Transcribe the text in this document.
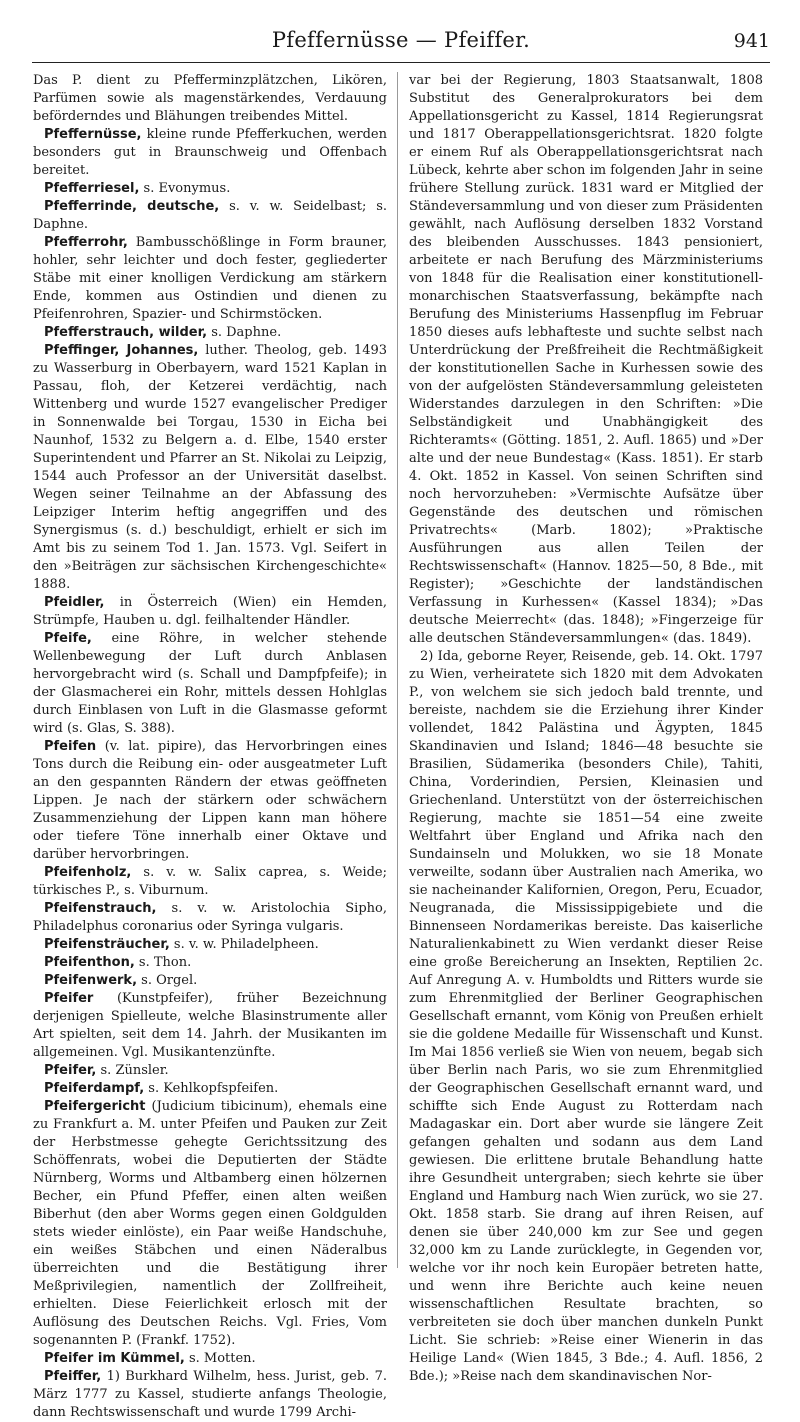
Pfeffernüsse — Pfeiffer.	941

Das P. dient zu Pfefferminzplätzchen, Likören, Parfümen sowie als magenstärkendes, Verdauung beförderndes und Blähungen treibendes Mittel.

Pfeffernüsse, kleine runde Pfefferkuchen, werden besonders gut in Braunschweig und Offenbach bereitet.

Pfefferriesel, s. Evonymus.

Pfefferrinde, deutsche, s. v. w. Seidelbast; s. Daphne.

Pfefferrohr, Bambusschößlinge in Form brauner, hohler, sehr leichter und doch fester, gegliederter Stäbe mit einer knolligen Verdickung am stärkern Ende, kommen aus Ostindien und dienen zu Pfeifenrohren, Spazier- und Schirmstöcken.

Pfefferstrauch, wilder, s. Daphne.

Pfeffinger, Johannes, luther. Theolog, geb. 1493 zu Wasserburg in Oberbayern, ward 1521 Kaplan in Passau, floh, der Ketzerei verdächtig, nach Wittenberg und wurde 1527 evangelischer Prediger in Sonnenwalde bei Torgau, 1530 in Eicha bei Naunhof, 1532 zu Belgern a. d. Elbe, 1540 erster Superintendent und Pfarrer an St. Nikolai zu Leipzig, 1544 auch Professor an der Universität daselbst. Wegen seiner Teilnahme an der Abfassung des Leipziger Interim heftig angegriffen und des Synergismus (s. d.) beschuldigt, erhielt er sich im Amt bis zu seinem Tod 1. Jan. 1573. Vgl. Seifert in den »Beiträgen zur sächsischen Kirchengeschichte« 1888.

Pfeidler, in Österreich (Wien) ein Hemden, Strümpfe, Hauben u. dgl. feilhaltender Händler.

Pfeife, eine Röhre, in welcher stehende Wellenbewegung der Luft durch Anblasen hervorgebracht wird (s. Schall und Dampfpfeife); in der Glasmacherei ein Rohr, mittels dessen Hohlglas durch Einblasen von Luft in die Glasmasse geformt wird (s. Glas, S. 388).

Pfeifen (v. lat. pipire), das Hervorbringen eines Tons durch die Reibung ein- oder ausgeatmeter Luft an den gespannten Rändern der etwas geöffneten Lippen. Je nach der stärkern oder schwächern Zusammenziehung der Lippen kann man höhere oder tiefere Töne innerhalb einer Oktave und darüber hervorbringen.

Pfeifenholz, s. v. w. Salix caprea, s. Weide; türkisches P., s. Viburnum.

Pfeifenstrauch, s. v. w. Aristolochia Sipho, Philadelphus coronarius oder Syringa vulgaris.

Pfeifensträucher, s. v. w. Philadelpheen.

Pfeifenthon, s. Thon.

Pfeifenwerk, s. Orgel.

Pfeifer (Kunstpfeifer), früher Bezeichnung derjenigen Spielleute, welche Blasinstrumente aller Art spielten, seit dem 14. Jahrh. der Musikanten im allgemeinen. Vgl. Musikantenzünfte.

Pfeifer, s. Zünsler.

Pfeiferdampf, s. Kehlkopfspfeifen.

Pfeifergericht (Judicium tibicinum), ehemals eine zu Frankfurt a. M. unter Pfeifen und Pauken zur Zeit der Herbstmesse gehegte Gerichtssitzung des Schöffenrats, wobei die Deputierten der Städte Nürnberg, Worms und Altbamberg einen hölzernen Becher, ein Pfund Pfeffer, einen alten weißen Biberhut (den aber Worms gegen einen Goldgulden stets wieder einlöste), ein Paar weiße Handschuhe, ein weißes Stäbchen und einen Näderalbus überreichten und die Bestätigung ihrer Meßprivilegien, namentlich der Zollfreiheit, erhielten. Diese Feierlichkeit erlosch mit der Auflösung des Deutschen Reichs. Vgl. Fries, Vom sogenannten P. (Frankf. 1752).

Pfeifer im Kümmel, s. Motten.

Pfeiffer, 1) Burkhard Wilhelm, hess. Jurist, geb. 7. März 1777 zu Kassel, studierte anfangs Theologie, dann Rechtswissenschaft und wurde 1799 Archi-

var bei der Regierung, 1803 Staatsanwalt, 1808 Substitut des Generalprokurators bei dem Appellationsgericht zu Kassel, 1814 Regierungsrat und 1817 Oberappellationsgerichtsrat. 1820 folgte er einem Ruf als Oberappellationsgerichtsrat nach Lübeck, kehrte aber schon im folgenden Jahr in seine frühere Stellung zurück. 1831 ward er Mitglied der Ständeversammlung und von dieser zum Präsidenten gewählt, nach Auflösung derselben 1832 Vorstand des bleibenden Ausschusses. 1843 pensioniert, arbeitete er nach Berufung des Märzministeriums von 1848 für die Realisation einer konstitutionell-monarchischen Staatsverfassung, bekämpfte nach Berufung des Ministeriums Hassenpflug im Februar 1850 dieses aufs lebhafteste und suchte selbst nach Unterdrückung der Preßfreiheit die Rechtmäßigkeit der konstitutionellen Sache in Kurhessen sowie des von der aufgelösten Ständeversammlung geleisteten Widerstandes darzulegen in den Schriften: »Die Selbständigkeit und Unabhängigkeit des Richteramts« (Götting. 1851, 2. Aufl. 1865) und »Der alte und der neue Bundestag« (Kass. 1851). Er starb 4. Okt. 1852 in Kassel. Von seinen Schriften sind noch hervorzuheben: »Vermischte Aufsätze über Gegenstände des deutschen und römischen Privatrechts« (Marb. 1802); »Praktische Ausführungen aus allen Teilen der Rechtswissenschaft« (Hannov. 1825—50, 8 Bde., mit Register); »Geschichte der landständischen Verfassung in Kurhessen« (Kassel 1834); »Das deutsche Meierrecht« (das. 1848); »Fingerzeige für alle deutschen Ständeversammlungen« (das. 1849).

2) Ida, geborne Reyer, Reisende, geb. 14. Okt. 1797 zu Wien, verheiratete sich 1820 mit dem Advokaten P., von welchem sie sich jedoch bald trennte, und bereiste, nachdem sie die Erziehung ihrer Kinder vollendet, 1842 Palästina und Ägypten, 1845 Skandinavien und Island; 1846—48 besuchte sie Brasilien, Südamerika (besonders Chile), Tahiti, China, Vorderindien, Persien, Kleinasien und Griechenland. Unterstützt von der österreichischen Regierung, machte sie 1851—54 eine zweite Weltfahrt über England und Afrika nach den Sundainseln und Molukken, wo sie 18 Monate verweilte, sodann über Australien nach Amerika, wo sie nacheinander Kalifornien, Oregon, Peru, Ecuador, Neugranada, die Mississippigebiete und die Binnenseen Nordamerikas bereiste. Das kaiserliche Naturalienkabinett zu Wien verdankt dieser Reise eine große Bereicherung an Insekten, Reptilien 2c. Auf Anregung A. v. Humboldts und Ritters wurde sie zum Ehrenmitglied der Berliner Geographischen Gesellschaft ernannt, vom König von Preußen erhielt sie die goldene Medaille für Wissenschaft und Kunst. Im Mai 1856 verließ sie Wien von neuem, begab sich über Berlin nach Paris, wo sie zum Ehrenmitglied der Geographischen Gesellschaft ernannt ward, und schiffte sich Ende August zu Rotterdam nach Madagaskar ein. Dort aber wurde sie längere Zeit gefangen gehalten und sodann aus dem Land gewiesen. Die erlittene brutale Behandlung hatte ihre Gesundheit untergraben; siech kehrte sie über England und Hamburg nach Wien zurück, wo sie 27. Okt. 1858 starb. Sie drang auf ihren Reisen, auf denen sie über 240,000 km zur See und gegen 32,000 km zu Lande zurücklegte, in Gegenden vor, welche vor ihr noch kein Europäer betreten hatte, und wenn ihre Berichte auch keine neuen wissenschaftlichen Resultate brachten, so verbreiteten sie doch über manchen dunkeln Punkt Licht. Sie schrieb: »Reise einer Wienerin in das Heilige Land« (Wien 1845, 3 Bde.; 4. Aufl. 1856, 2 Bde.); »Reise nach dem skandinavischen Nor-
